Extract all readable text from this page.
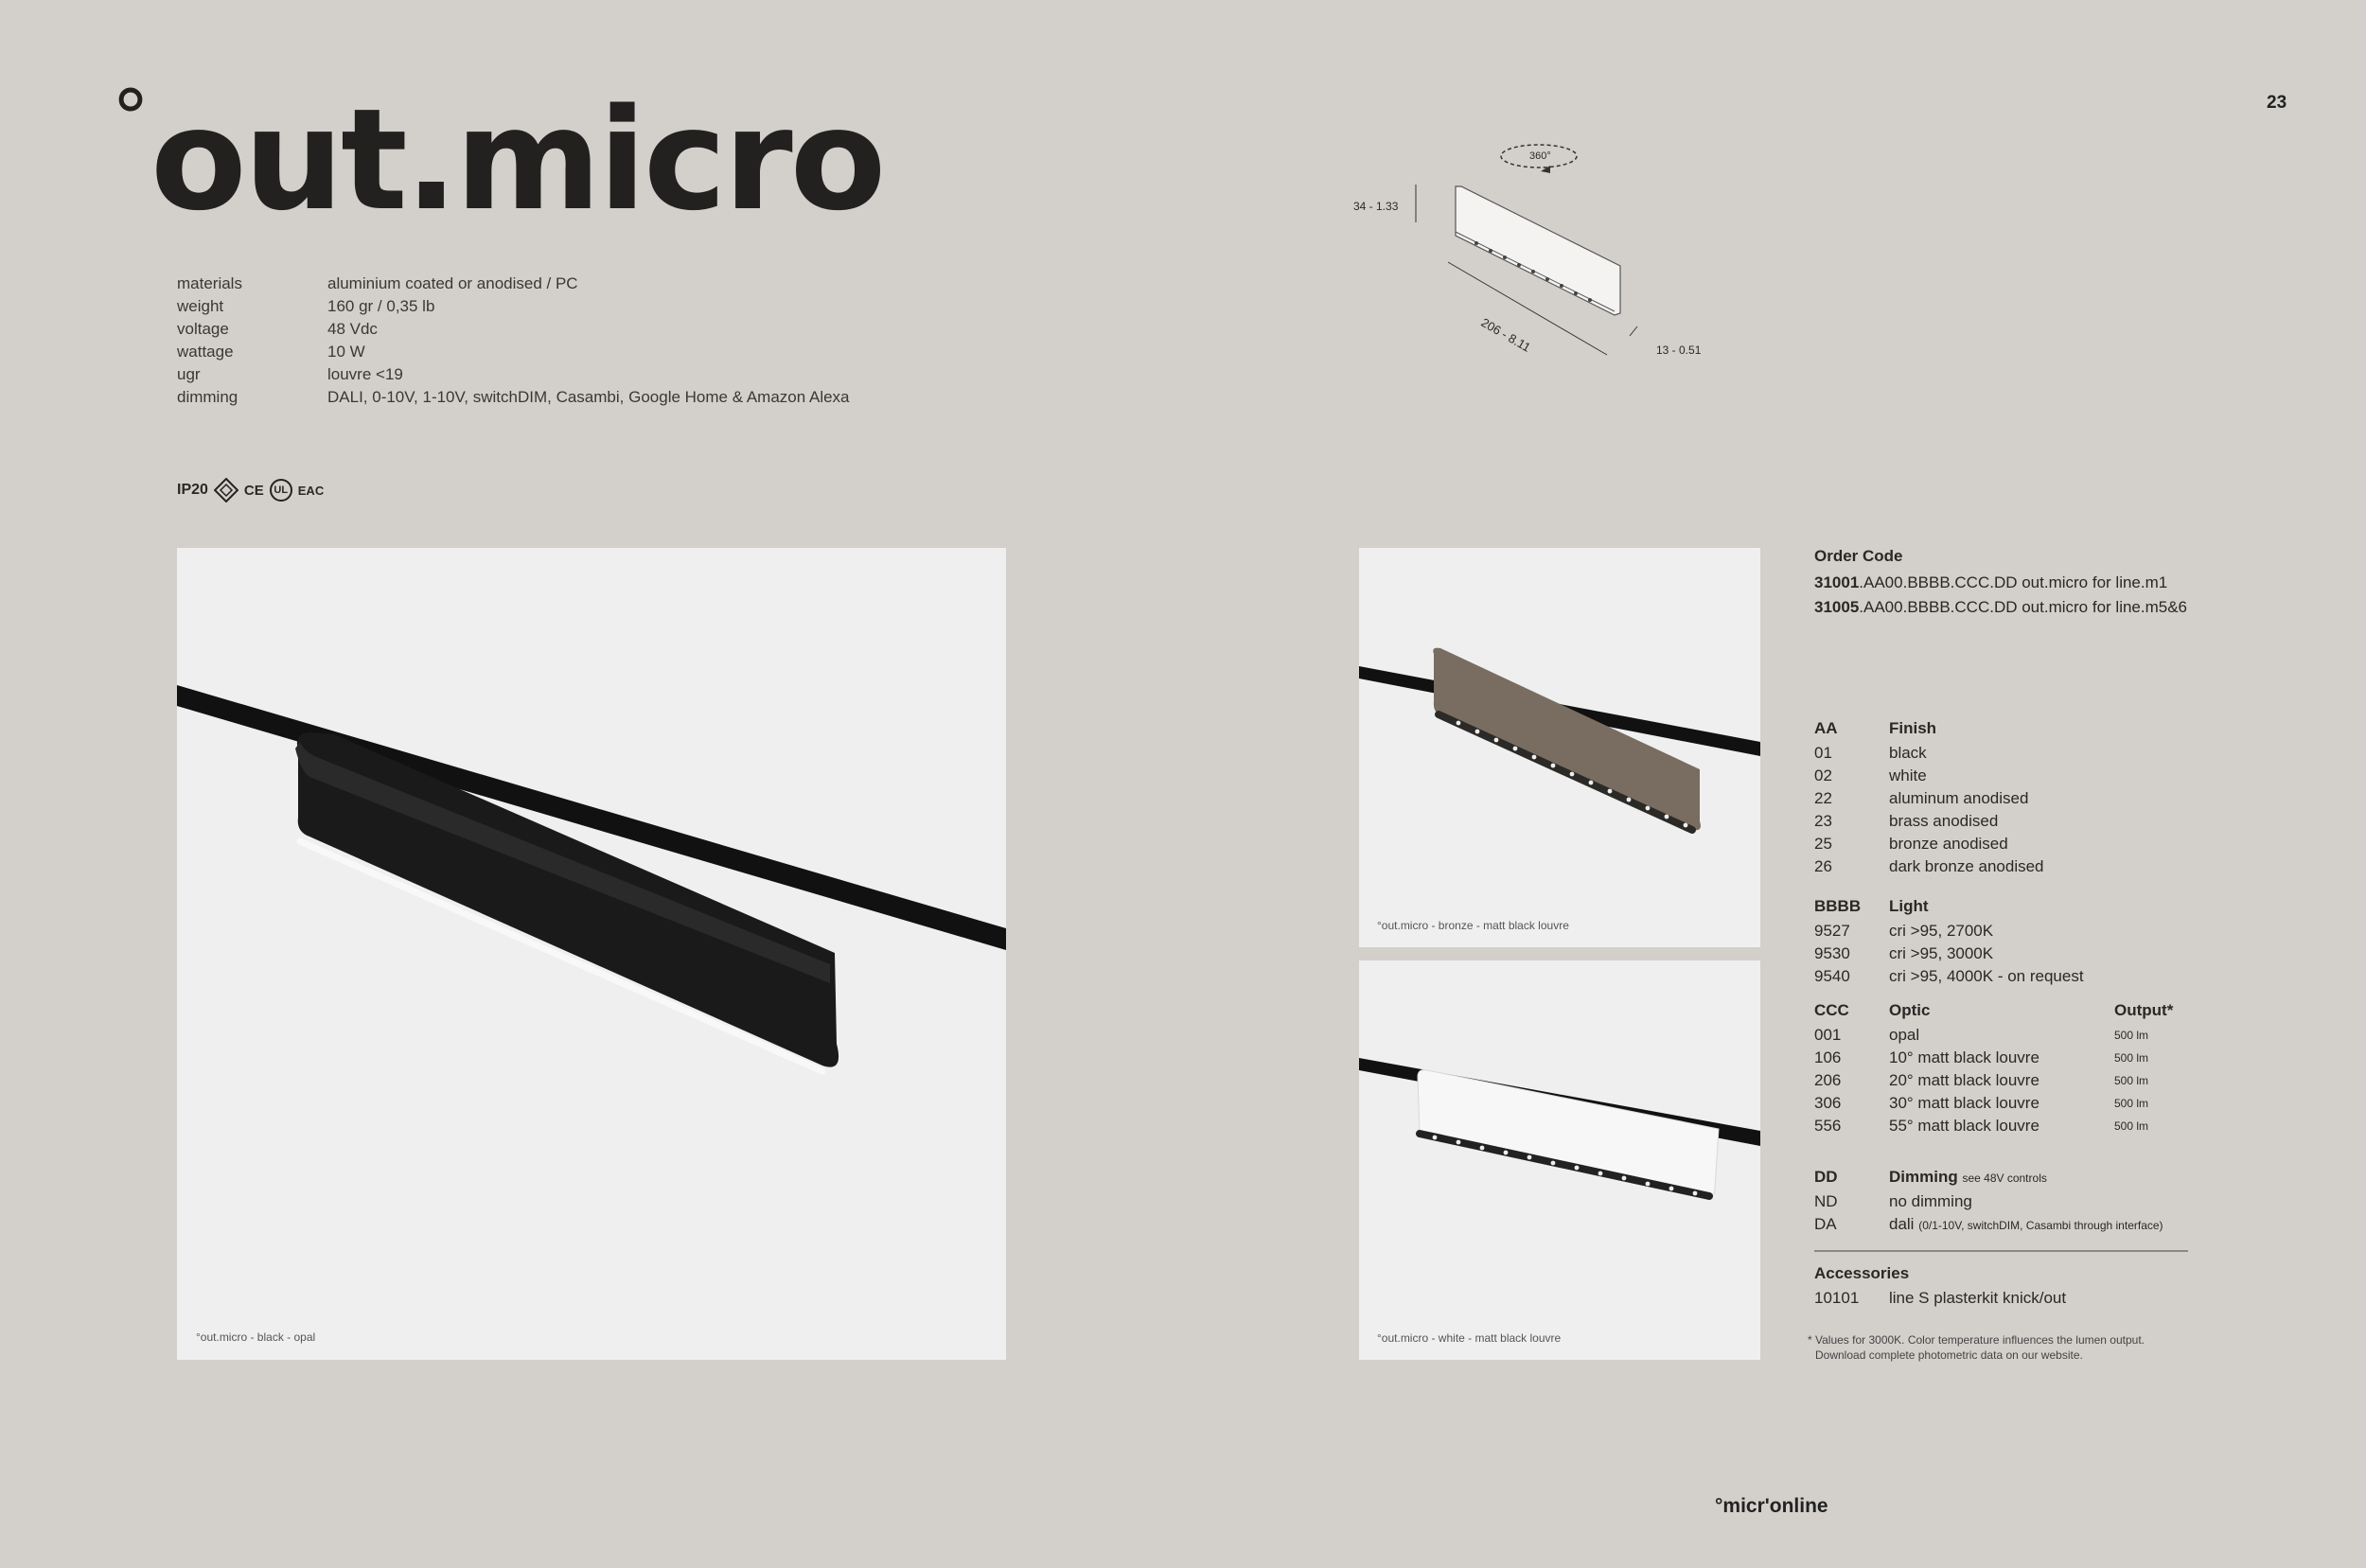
23
°out.micro
materials	aluminium coated or anodised / PC
weight	160 gr / 0,35 lb
voltage	48 Vdc
wattage	10 W
ugr	louvre <19
dimming	DALI, 0-10V, 1-10V, switchDIM, Casambi, Google Home & Amazon Alexa
IP20	CE UL EAC
360°
34 - 1.33
206 - 8.11	13 - 0.51
°out.micro - black - opal
°out.micro - bronze - matt black louvre
°out.micro - white - matt black louvre
Order Code
31001.AA00.BBBB.CCC.DD out.micro for line.m1
31005.AA00.BBBB.CCC.DD out.micro for line.m5&6
AA	Finish
01	black
02	white
22	aluminum anodised
23	brass anodised
25	bronze anodised
26	dark bronze anodised
BBBB	Light
9527	cri >95, 2700K
9530	cri >95, 3000K
9540	cri >95, 4000K - on request
CCC	Optic	Output*
001	opal	500 lm
106	10° matt black louvre	500 lm
206	20° matt black louvre	500 lm
306	30° matt black louvre	500 lm
556	55° matt black louvre	500 lm
DD	Dimming see 48V controls
ND	no dimming
DA	dali (0/1-10V, switchDIM, Casambi through interface)
Accessories
10101	line S plasterkit knick/out
* Values for 3000K. Color temperature influences the lumen output.
Download complete photometric data on our website.
°micr'online
